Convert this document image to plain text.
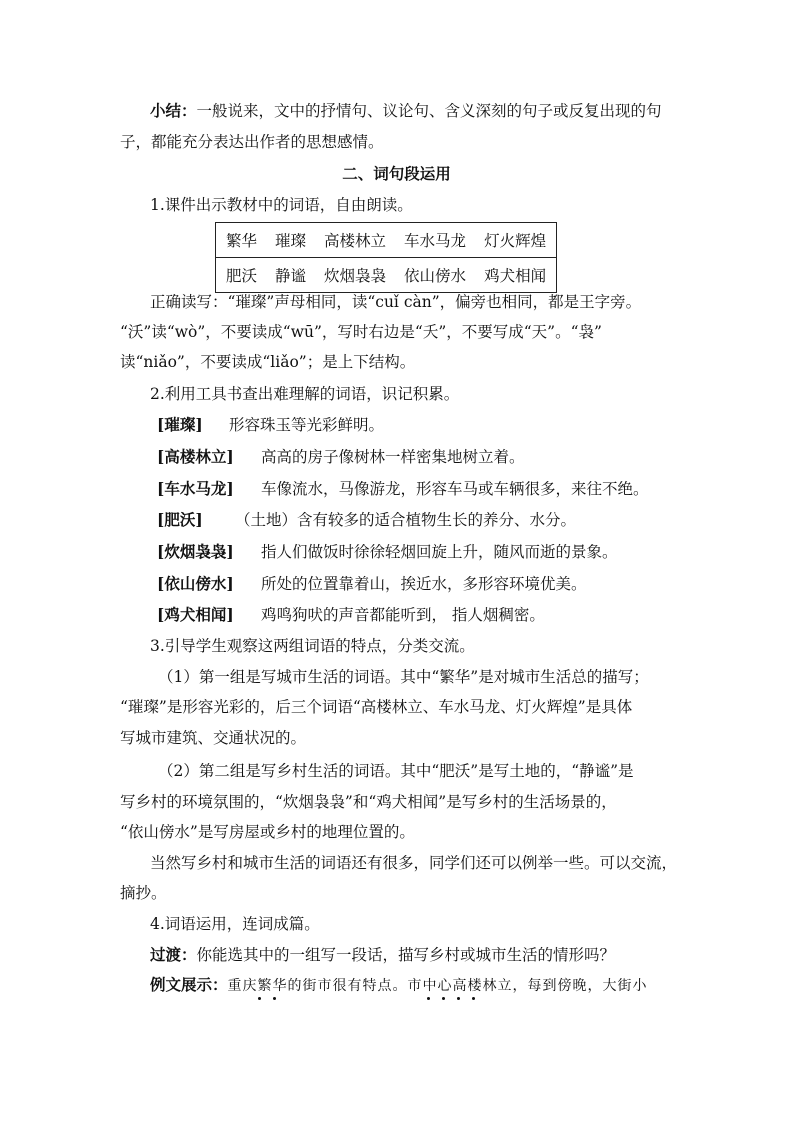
小结：一般说来，文中的抒情句、议论句、含义深刻的句子或反复出现的句
子，都能充分表达出作者的思想感情。
二、词句段运用
1.课件出示教材中的词语，自由朗读。
繁华 璀璨 高楼林立 车水马龙 灯火辉煌
肥沃 静谧 炊烟袅袅 依山傍水 鸡犬相闻
正确读写：“璀璨”声母相同，读“cuǐ càn”，偏旁也相同，都是王字旁。
“沃”读“wò”，不要读成“wū”，写时右边是“夭”，不要写成“天”。“袅”
读“niǎo”，不要读成“liǎo”；是上下结构。
2.利用工具书查出难理解的词语，识记积累。
[璀璨] 形容珠玉等光彩鲜明。
[高楼林立] 高高的房子像树林一样密集地树立着。
[车水马龙] 车像流水，马像游龙，形容车马或车辆很多，来往不绝。
[肥沃] （土地）含有较多的适合植物生长的养分、水分。
[炊烟袅袅] 指人们做饭时徐徐轻烟回旋上升，随风而逝的景象。
[依山傍水] 所处的位置靠着山，挨近水，多形容环境优美。
[鸡犬相闻] 鸡鸣狗吠的声音都能听到， 指人烟稠密。
3.引导学生观察这两组词语的特点，分类交流。
（1）第一组是写城市生活的词语。其中“繁华”是对城市生活总的描写；
“璀璨”是形容光彩的，后三个词语“高楼林立、车水马龙、灯火辉煌”是具体
写城市建筑、交通状况的。
（2）第二组是写乡村生活的词语。其中“肥沃”是写土地的，“静谧”是
写乡村的环境氛围的，“炊烟袅袅”和“鸡犬相闻”是写乡村的生活场景的，
“依山傍水”是写房屋或乡村的地理位置的。
当然写乡村和城市生活的词语还有很多，同学们还可以例举一些。可以交流，
摘抄。
4.词语运用，连词成篇。
过渡：你能选其中的一组写一段话，描写乡村或城市生活的情形吗？
例文展示：重庆繁华的街市很有特点。市中心高楼林立，每到傍晚，大街小
